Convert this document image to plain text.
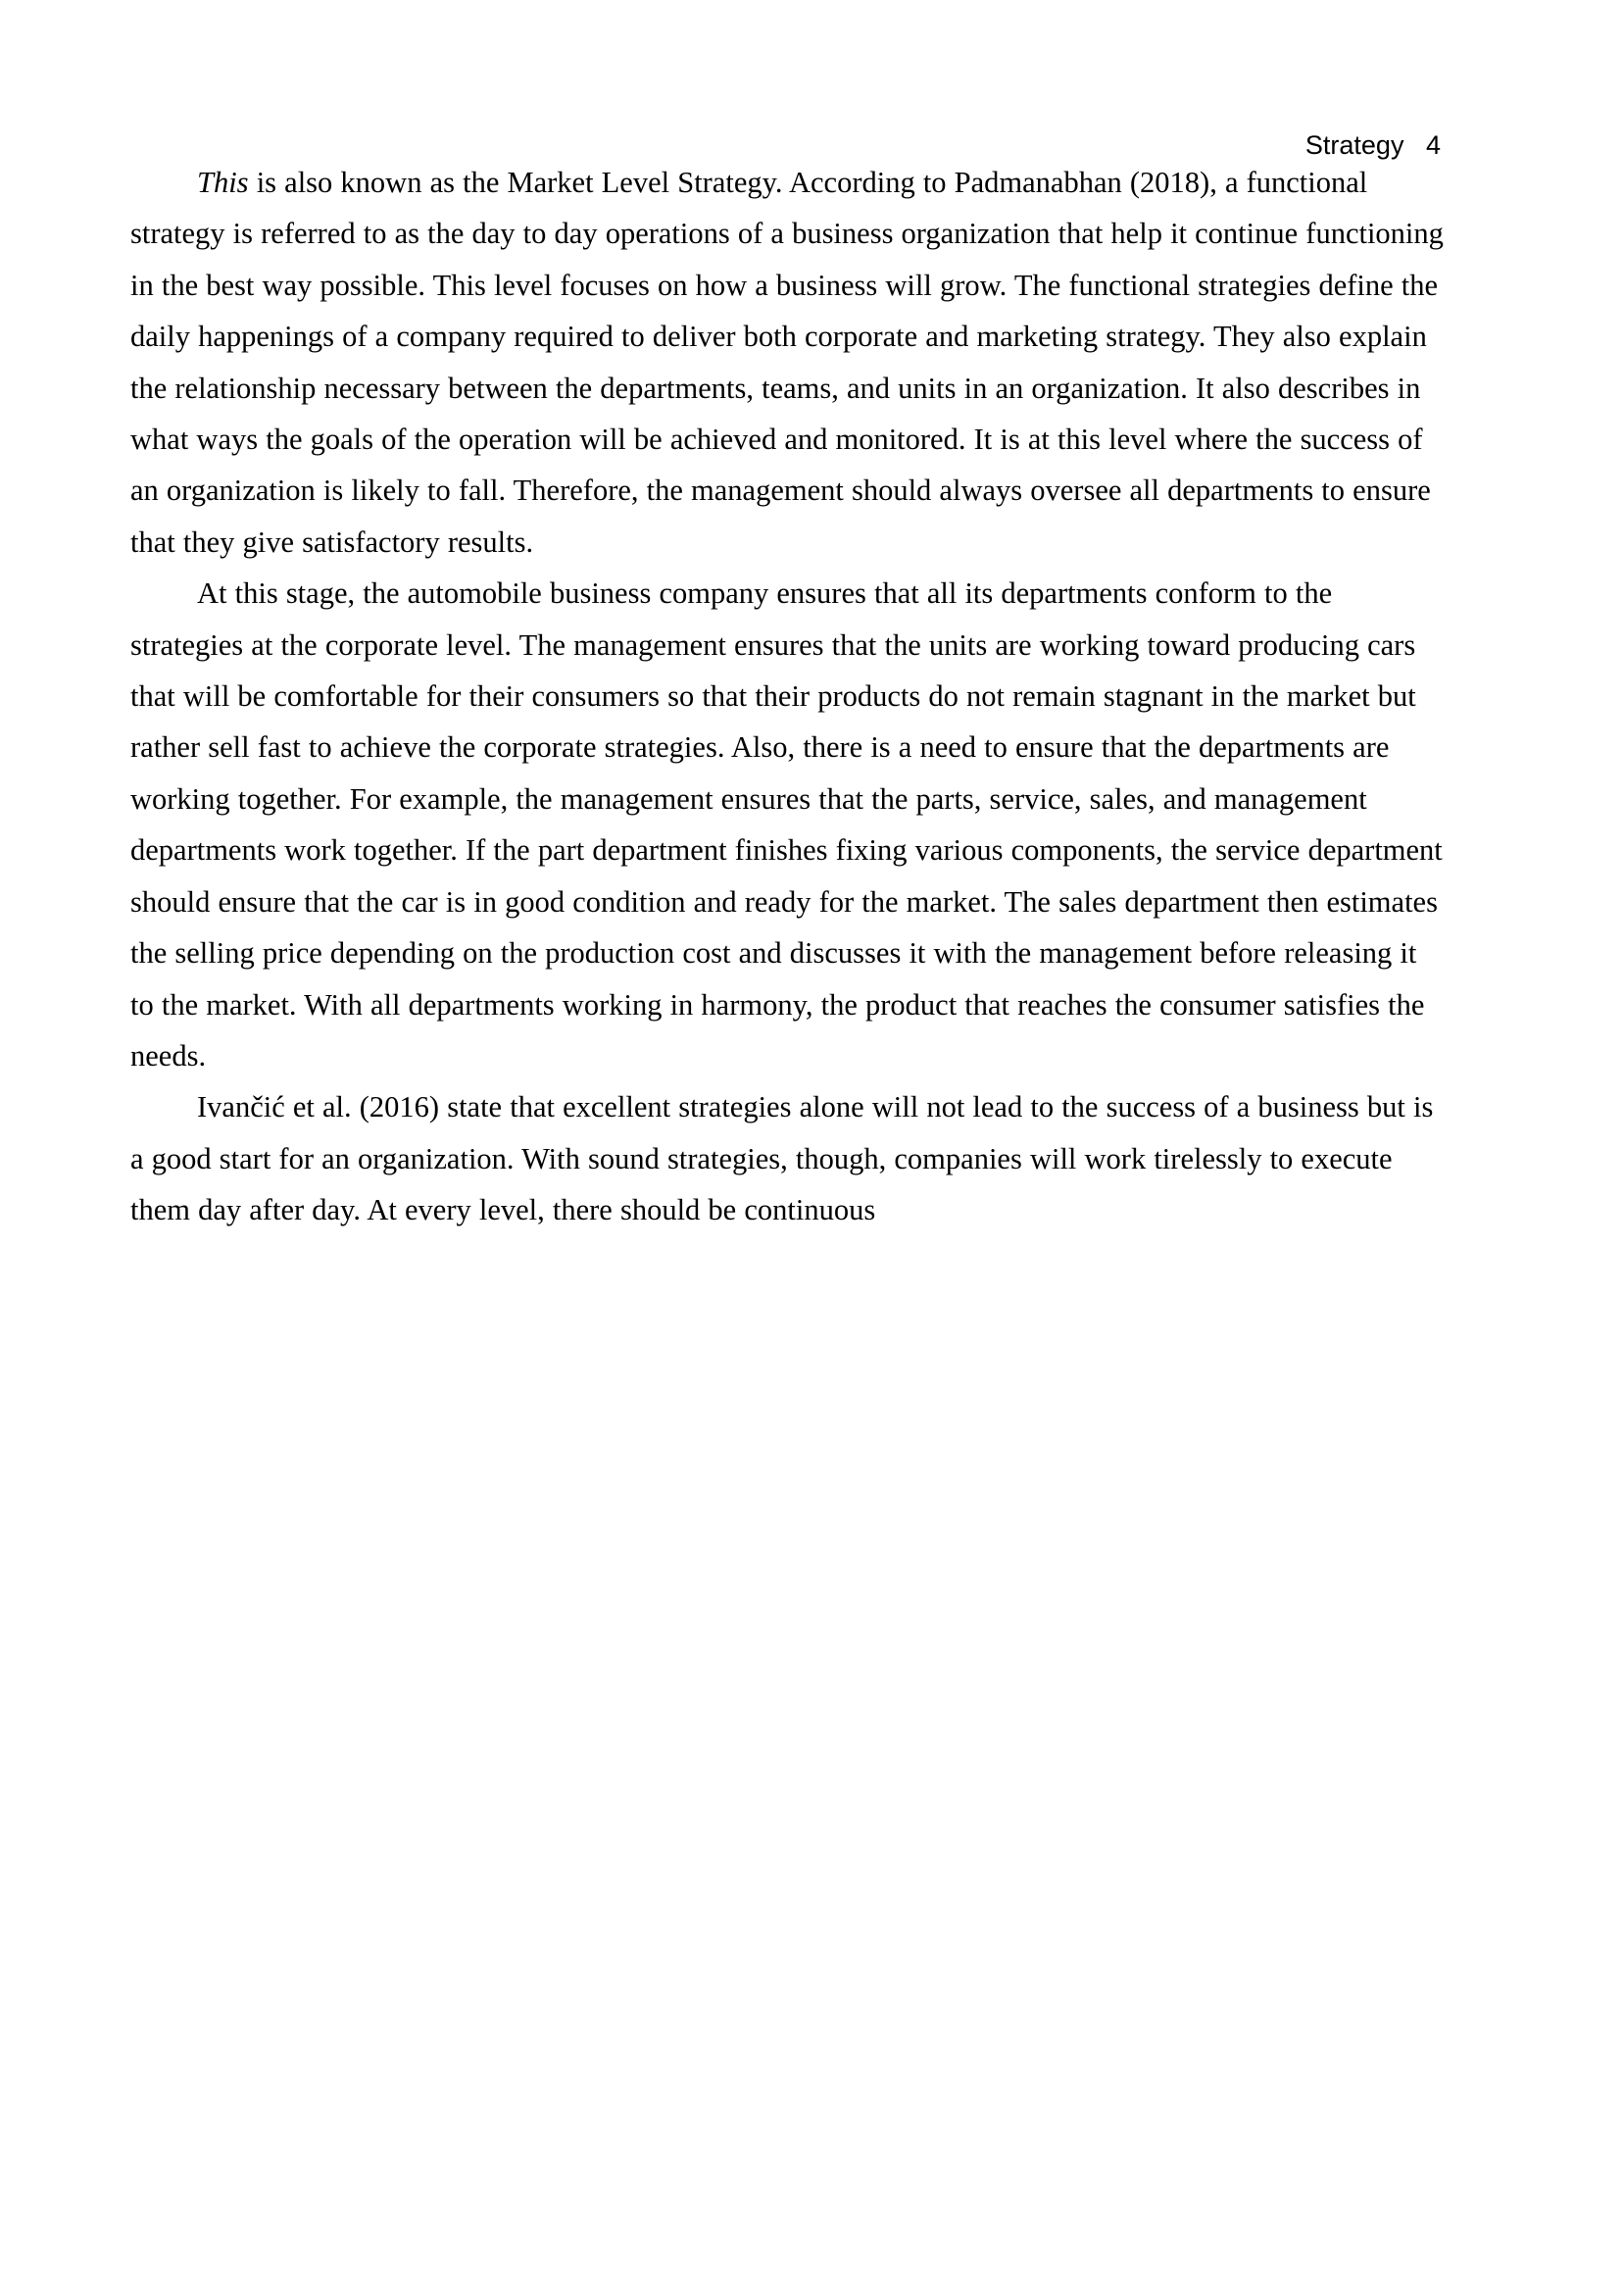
Strategy 4

This is also known as the Market Level Strategy. According to Padmanabhan (2018), a functional strategy is referred to as the day to day operations of a business organization that help it continue functioning in the best way possible. This level focuses on how a business will grow. The functional strategies define the daily happenings of a company required to deliver both corporate and marketing strategy. They also explain the relationship necessary between the departments, teams, and units in an organization. It also describes in what ways the goals of the operation will be achieved and monitored. It is at this level where the success of an organization is likely to fall. Therefore, the management should always oversee all departments to ensure that they give satisfactory results.

At this stage, the automobile business company ensures that all its departments conform to the strategies at the corporate level. The management ensures that the units are working toward producing cars that will be comfortable for their consumers so that their products do not remain stagnant in the market but rather sell fast to achieve the corporate strategies. Also, there is a need to ensure that the departments are working together. For example, the management ensures that the parts, service, sales, and management departments work together. If the part department finishes fixing various components, the service department should ensure that the car is in good condition and ready for the market. The sales department then estimates the selling price depending on the production cost and discusses it with the management before releasing it to the market. With all departments working in harmony, the product that reaches the consumer satisfies the needs.

Ivančić et al. (2016) state that excellent strategies alone will not lead to the success of a business but is a good start for an organization. With sound strategies, though, companies will work tirelessly to execute them day after day. At every level, there should be continuous
